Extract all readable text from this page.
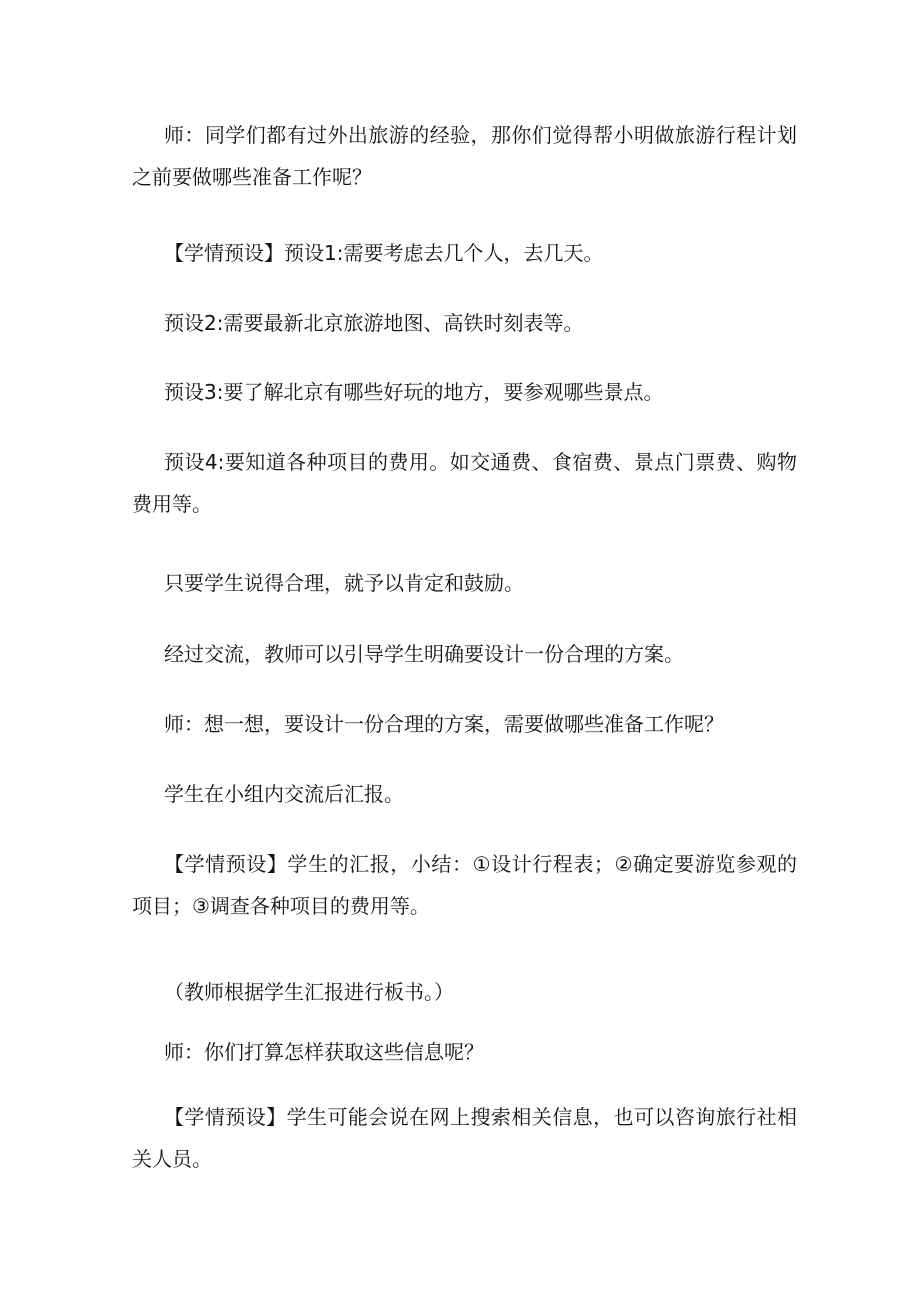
师：同学们都有过外出旅游的经验，那你们觉得帮小明做旅游行程计划之前要做哪些准备工作呢？

【学情预设】预设1:需要考虑去几个人，去几天。

预设2:需要最新北京旅游地图、高铁时刻表等。

预设3:要了解北京有哪些好玩的地方，要参观哪些景点。

预设4:要知道各种项目的费用。如交通费、食宿费、景点门票费、购物费用等。

只要学生说得合理，就予以肯定和鼓励。

经过交流，教师可以引导学生明确要设计一份合理的方案。

师：想一想，要设计一份合理的方案，需要做哪些准备工作呢？

学生在小组内交流后汇报。

【学情预设】学生的汇报，小结：①设计行程表；②确定要游览参观的项目；③调查各种项目的费用等。

（教师根据学生汇报进行板书。）

师：你们打算怎样获取这些信息呢？

【学情预设】学生可能会说在网上搜索相关信息，也可以咨询旅行社相关人员。
